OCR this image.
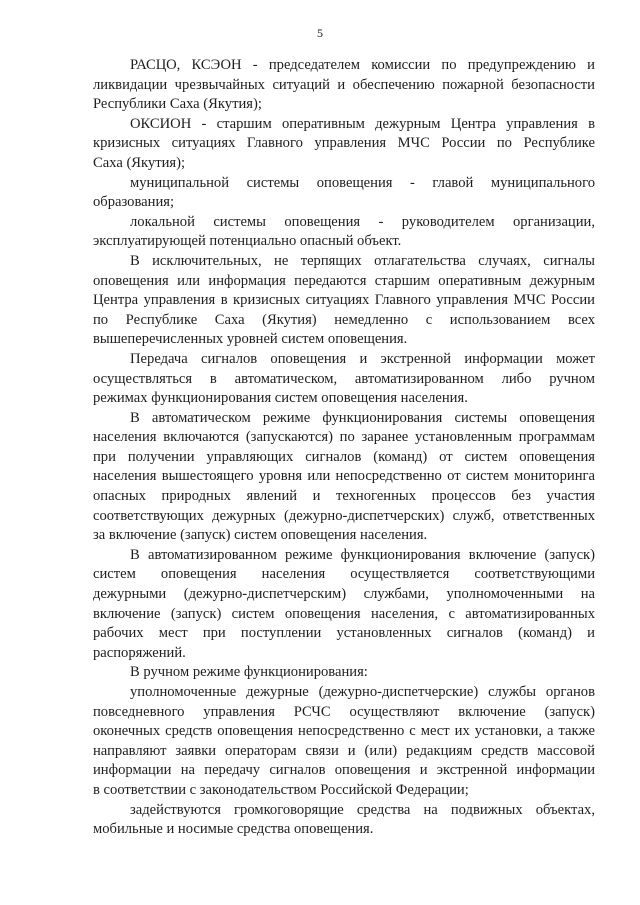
5
РАСЦО, КСЭОН - председателем комиссии по предупреждению и
ликвидации чрезвычайных ситуаций и обеспечению пожарной безопасности
Республики Саха (Якутия);
ОКСИОН - старшим оперативным дежурным Центра управления в
кризисных ситуациях Главного управления МЧС России по Республике
Саха (Якутия);
муниципальной системы оповещения - главой муниципального
образования;
локальной системы оповещения - руководителем организации,
эксплуатирующей потенциально опасный объект.
В исключительных, не терпящих отлагательства случаях, сигналы
оповещения или информация передаются старшим оперативным дежурным
Центра управления в кризисных ситуациях Главного управления МЧС России
по Республике Саха (Якутия) немедленно с использованием всех
вышеперечисленных уровней систем оповещения.
Передача сигналов оповещения и экстренной информации может
осуществляться в автоматическом, автоматизированном либо ручном
режимах функционирования систем оповещения населения.
В автоматическом режиме функционирования системы оповещения
населения включаются (запускаются) по заранее установленным программам
при получении управляющих сигналов (команд) от систем оповещения
населения вышестоящего уровня или непосредственно от систем мониторинга
опасных природных явлений и техногенных процессов без участия
соответствующих дежурных (дежурно-диспетчерских) служб, ответственных
за включение (запуск) систем оповещения населения.
В автоматизированном режиме функционирования включение (запуск)
систем оповещения населения осуществляется соответствующими
дежурными (дежурно-диспетчерским) службами, уполномоченными на
включение (запуск) систем оповещения населения, с автоматизированных
рабочих мест при поступлении установленных сигналов (команд) и
распоряжений.
В ручном режиме функционирования:
уполномоченные дежурные (дежурно-диспетчерские) службы органов
повседневного управления РСЧС осуществляют включение (запуск)
оконечных средств оповещения непосредственно с мест их установки, а также
направляют заявки операторам связи и (или) редакциям средств массовой
информации на передачу сигналов оповещения и экстренной информации
в соответствии с законодательством Российской Федерации;
задействуются громкоговорящие средства на подвижных объектах,
мобильные и носимые средства оповещения.
